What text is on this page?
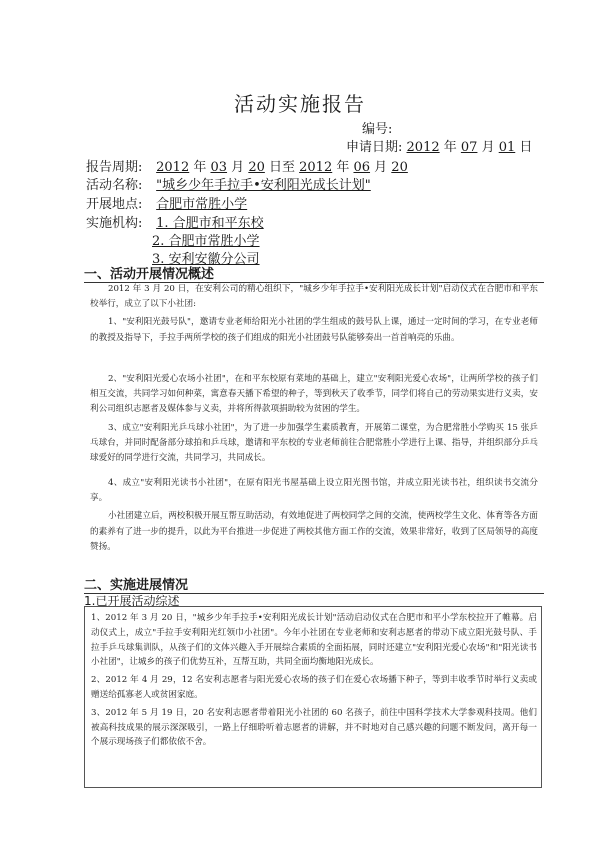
活动实施报告
编号:
申请日期: 2012 年 07 月 01 日
报告周期: 2012 年 03 月 20 日至 2012 年 06 月 20
活动名称: "城乡少年手拉手•安利阳光成长计划"
开展地点: 合肥市常胜小学
实施机构: 1. 合肥市和平东校
2. 合肥市常胜小学
3. 安利安徽分公司
一、活动开展情况概述

2012 年 3 月 20 日，在安利公司的精心组织下，"城乡少年手拉手•安利阳光成长计划"启动仪式在合肥市和平东校举行，成立了以下小社团:

1、"安利阳光鼓号队"，邀请专业老师给阳光小社团的学生组成的鼓号队上课，通过一定时间的学习，在专业老师的教授及指导下，手拉手两所学校的孩子们组成的阳光小社团鼓号队能够奏出一首首响亮的乐曲。

2、"安利阳光爱心农场小社团"，在和平东校原有菜地的基础上，建立"安利阳光爱心农场"，让两所学校的孩子们相互交流，共同学习如何种菜，寓意春天播下希望的种子，等到秋天了收季节，同学们将自己的劳动果实进行义卖，安利公司组织志愿者及媒体参与义卖，并将所得款项捐助较为贫困的学生。

3、成立"安利阳光乒乓球小社团"，为了进一步加强学生素质教育，开展第二课堂，为合肥常胜小学购买 15 张乒乓球台，并同时配备部分球拍和乒乓球，邀请和平东校的专业老师前往合肥常胜小学进行上课、指导，并组织部分乒乓球爱好的同学进行交流，共同学习，共同成长。

4、成立"安利阳光读书小社团"，在原有阳光书屋基础上设立阳光图书馆，并成立阳光读书社，组织读书交流分享。

小社团建立后，两校积极开展互帮互助活动，有效地促进了两校同学之间的交流，使两校学生文化、体育等各方面的素养有了进一步的提升，以此为平台推进一步促进了两校其他方面工作的交流，效果非常好，收到了区局领导的高度赞扬。

二、实施进展情况
1.已开展活动综述

1、2012 年 3 月 20 日，"城乡少年手拉手•安利阳光成长计划"活动启动仪式在合肥市和平小学东校拉开了帷幕。启动仪式上，成立"手拉手安利阳光红领巾小社团"。今年小社团在专业老师和安利志愿者的带动下成立阳光鼓号队、手拉手乒乓球集训队，从孩子们的文体兴趣入手开展综合素质的全面拓展，同时还建立"安利阳光爱心农场"和"阳光读书小社团"，让城乡的孩子们优势互补，互帮互助，共同全面均衡地阳光成长。

2、2012 年 4 月 29，12 名安利志愿者与阳光爱心农场的孩子们在爱心农场播下种子，等到丰收季节时举行义卖或赠送给孤寡老人或贫困家庭。

3、2012 年 5 月 19 日，20 名安利志愿者带着阳光小社团的 60 名孩子，前往中国科学技术大学参观科技周。他们被高科技成果的展示深深吸引，一路上仔细聆听着志愿者的讲解，并不时地对自己感兴趣的问题不断发问，离开每一个展示现场孩子们都依依不舍。
